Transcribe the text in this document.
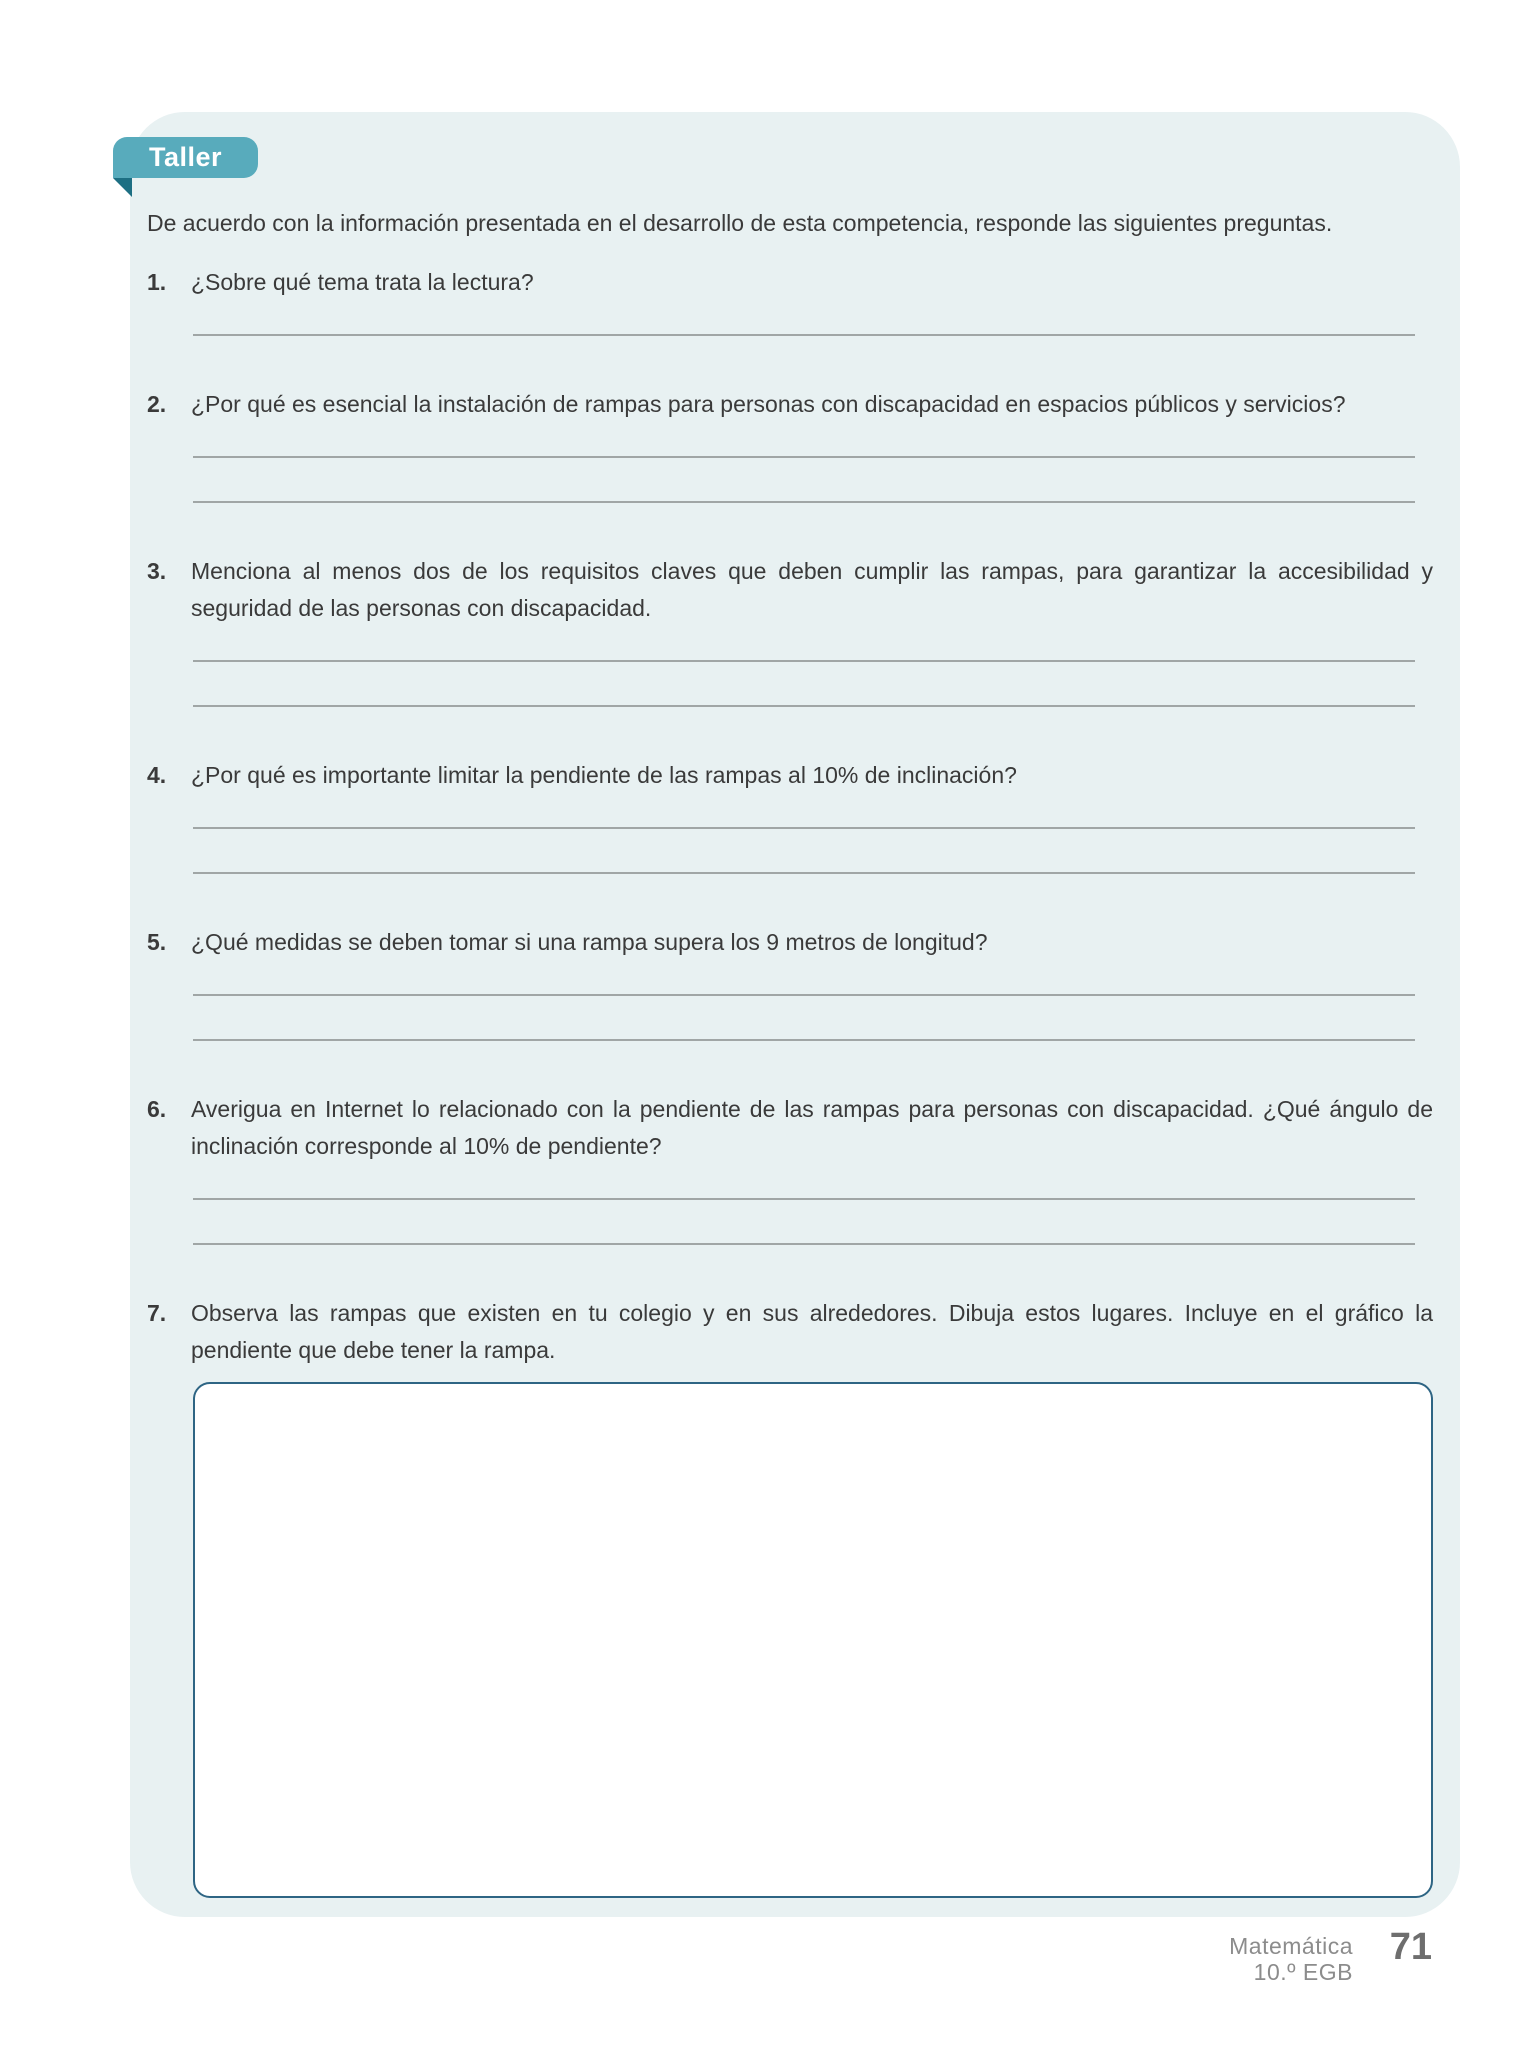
Taller
De acuerdo con la información presentada en el desarrollo de esta competencia, responde las siguientes preguntas.
1.	¿Sobre qué tema trata la lectura?
2.	¿Por qué es esencial la instalación de rampas para personas con discapacidad en espacios públicos y servicios?
3.	Menciona al menos dos de los requisitos claves que deben cumplir las rampas, para garantizar la accesibilidad y seguridad de las personas con discapacidad.
4.	¿Por qué es importante limitar la pendiente de las rampas al 10% de inclinación?
5.	¿Qué medidas se deben tomar si una rampa supera los 9 metros de longitud?
6.	Averigua en Internet lo relacionado con la pendiente de las rampas para personas con discapacidad. ¿Qué ángulo de inclinación corresponde al 10% de pendiente?
7.	Observa las rampas que existen en tu colegio y en sus alrededores. Dibuja estos lugares. Incluye en el gráfico la pendiente que debe tener la rampa.
Matemática
10.º EGB
71
